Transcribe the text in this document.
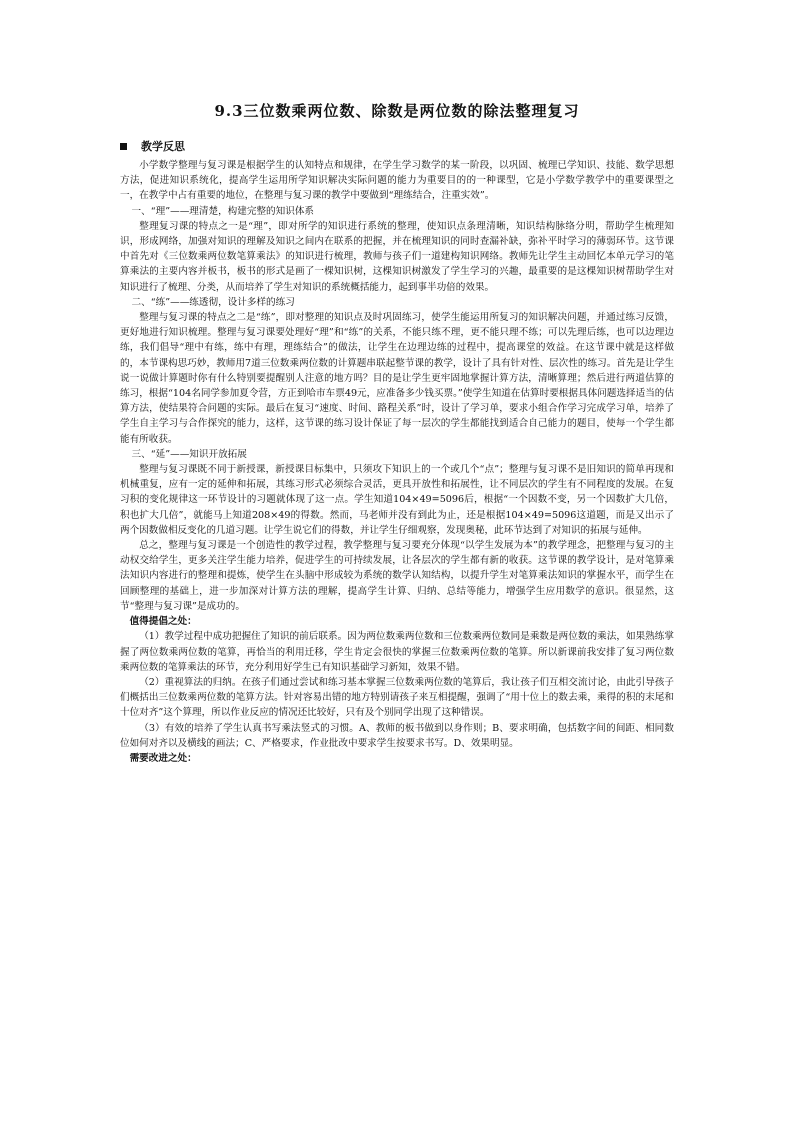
9.3三位数乘两位数、除数是两位数的除法整理复习
教学反思

小学数学整理与复习课是根据学生的认知特点和规律，在学生学习数学的某一阶段，以巩固、梳理已学知识、技能、数学思想方法，促进知识系统化，提高学生运用所学知识解决实际问题的能力为重要目的的一种课型，它是小学数学教学中的重要课型之一，在教学中占有重要的地位，在整理与复习课的教学中要做到“理练结合，注重实效”。

一、“理”——理清楚，构建完整的知识体系

整理复习课的特点之一是“理”，即对所学的知识进行系统的整理，使知识点条理清晰，知识结构脉络分明，帮助学生梳理知识，形成网络，加强对知识的理解及知识之间内在联系的把握，并在梳理知识的同时查漏补缺，弥补平时学习的薄弱环节。这节课中首先对《三位数乘两位数笔算乘法》的知识进行梳理，教师与孩子们一道建构知识网络。教师先让学生主动回忆本单元学习的笔算乘法的主要内容并板书，板书的形式是画了一棵知识树，这棵知识树激发了学生学习的兴趣，最重要的是这棵知识树帮助学生对知识进行了梳理、分类，从而培养了学生对知识的系统概括能力，起到事半功倍的效果。

二、“练”——练透彻，设计多样的练习

整理与复习课的特点之二是“练”，即对整理的知识点及时巩固练习，使学生能运用所复习的知识解决问题，并通过练习反馈，更好地进行知识梳理。整理与复习课要处理好“理”和“练”的关系，不能只练不理，更不能只理不练；可以先理后练，也可以边理边练，我们倡导“理中有练，练中有理，理练结合”的做法，让学生在边理边练的过程中，提高课堂的效益。在这节课中就是这样做的，本节课构思巧妙，教师用7道三位数乘两位数的计算题串联起整节课的教学，设计了具有针对性、层次性的练习。首先是让学生说一说做计算题时你有什么特别要提醒别人注意的地方吗？目的是让学生更牢固地掌握计算方法，清晰算理；然后进行两道估算的练习，根据“104名同学参加夏令营，方正到哈市车票49元，应准备多少钱买票。”使学生知道在估算时要根据具体问题选择适当的估算方法，使结果符合问题的实际。最后在复习“速度、时间、路程关系”时，设计了学习单，要求小组合作学习完成学习单，培养了学生自主学习与合作探究的能力，这样，这节课的练习设计保证了每一层次的学生都能找到适合自己能力的题目，使每一个学生都能有所收获。

三、“延”——知识开放拓展

整理与复习课既不同于新授课，新授课目标集中，只须攻下知识上的一个或几个“点”；整理与复习课不是旧知识的简单再现和机械重复，应有一定的延伸和拓展，其练习形式必须综合灵活，更具开放性和拓展性，让不同层次的学生有不同程度的发展。在复习积的变化规律这一环节设计的习题就体现了这一点。学生知道104×49=5096后，根据“一个因数不变，另一个因数扩大几倍，积也扩大几倍”，就能马上知道208×49的得数。然而，马老师并没有到此为止，还是根据104×49=5096这道题，而是又出示了两个因数做相反变化的几道习题。让学生说它们的得数，并让学生仔细观察，发现奥秘，此环节达到了对知识的拓展与延伸。

总之，整理与复习课是一个创造性的教学过程，教学整理与复习要充分体现“以学生发展为本”的教学理念，把整理与复习的主动权交给学生，更多关注学生能力培养，促进学生的可持续发展，让各层次的学生都有新的收获。这节课的教学设计，是对笔算乘法知识内容进行的整理和提炼，使学生在头脑中形成较为系统的数学认知结构，以提升学生对笔算乘法知识的掌握水平，而学生在回顾整理的基础上，进一步加深对计算方法的理解，提高学生计算、归纳、总结等能力，增强学生应用数学的意识。很显然，这节“整理与复习课”是成功的。

值得提倡之处：

（1）教学过程中成功把握住了知识的前后联系。因为两位数乘两位数和三位数乘两位数同是乘数是两位数的乘法，如果熟练掌握了两位数乘两位数的笔算，再恰当的利用迁移，学生肯定会很快的掌握三位数乘两位数的笔算。所以新课前我安排了复习两位数乘两位数的笔算乘法的环节，充分利用好学生已有知识基础学习新知，效果不错。

（2）重视算法的归纳。在孩子们通过尝试和练习基本掌握三位数乘两位数的笔算后，我让孩子们互相交流讨论，由此引导孩子们概括出三位数乘两位数的笔算方法。针对容易出错的地方特别请孩子来互相提醒，强调了“用十位上的数去乘，乘得的积的末尾和十位对齐”这个算理，所以作业反应的情况还比较好，只有及个别同学出现了这种错误。

（3）有效的培养了学生认真书写乘法竖式的习惯。A、教师的板书做到以身作则；B、要求明确，包括数字间的间距、相同数位如何对齐以及横线的画法；C、严格要求，作业批改中要求学生按要求书写。D、效果明显。

需要改进之处：
